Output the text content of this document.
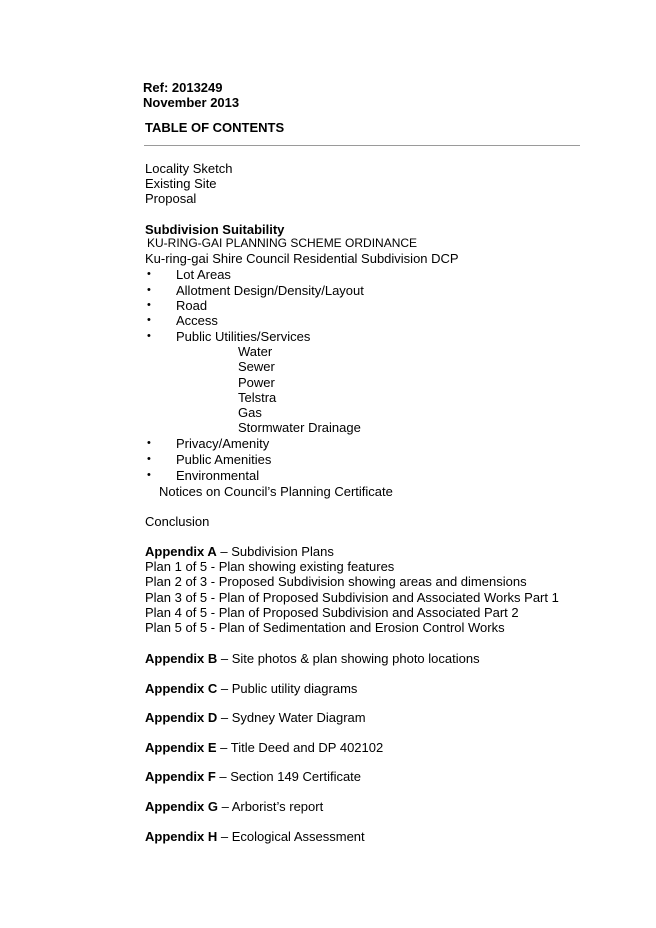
Ref: 2013249
November 2013
TABLE OF CONTENTS
Locality Sketch
Existing Site
Proposal
Subdivision Suitability
KU-RING-GAI PLANNING SCHEME ORDINANCE
Ku-ring-gai Shire Council Residential Subdivision DCP
• Lot Areas
• Allotment Design/Density/Layout
• Road
• Access
• Public Utilities/Services
Water
Sewer
Power
Telstra
Gas
Stormwater Drainage
• Privacy/Amenity
• Public Amenities
• Environmental
Notices on Council’s Planning Certificate
Conclusion
Appendix A – Subdivision Plans
Plan 1 of 5 - Plan showing existing features
Plan 2 of 3 - Proposed Subdivision showing areas and dimensions
Plan 3 of 5 - Plan of Proposed Subdivision and Associated Works Part 1
Plan 4 of 5 - Plan of Proposed Subdivision and Associated Part 2
Plan 5 of 5 - Plan of Sedimentation and Erosion Control Works
Appendix B – Site photos & plan showing photo locations
Appendix C – Public utility diagrams
Appendix D – Sydney Water Diagram
Appendix E – Title Deed and DP 402102
Appendix F – Section 149 Certificate
Appendix G – Arborist’s report
Appendix H – Ecological Assessment
